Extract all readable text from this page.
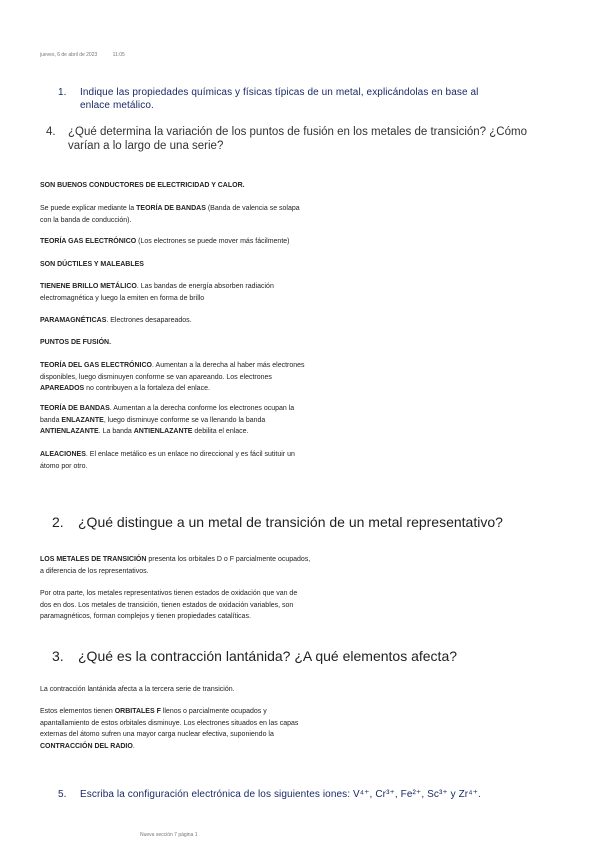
jueves, 6 de abril de 2023	11:05
1. Indique las propiedades químicas y físicas típicas de un metal, explicándolas en base al
enlace metálico.
4. ¿Qué determina la variación de los puntos de fusión en los metales de transición? ¿Cómo
varían a lo largo de una serie?
SON BUENOS CONDUCTORES DE ELECTRICIDAD Y CALOR.
Se puede explicar mediante la TEORÍA DE BANDAS (Banda de valencia se solapa
con la banda de conducción).
TEORÍA GAS ELECTRÓNICO (Los electrones se puede mover más fácilmente)
SON DÚCTILES Y MALEABLES
TIENENE BRILLO METÁLICO. Las bandas de energía absorben radiación
electromagnética y luego la emiten en forma de brillo
PARAMAGNÉTICAS. Electrones desapareados.
PUNTOS DE FUSIÓN.
TEORÍA DEL GAS ELECTRÓNICO. Aumentan a la derecha al haber más electrones
disponibles, luego disminuyen conforme se van apareando. Los electrones
APAREADOS no contribuyen a la fortaleza del enlace.
TEORÍA DE BANDAS. Aumentan a la derecha conforme los electrones ocupan la
banda ENLAZANTE, luego disminuye conforme se va llenando la banda
ANTIENLAZANTE. La banda ANTIENLAZANTE debilita el enlace.
ALEACIONES. El enlace metálico es un enlace no direccional y es fácil sutituir un
átomo por otro.
2. ¿Qué distingue a un metal de transición de un metal representativo?
LOS METALES DE TRANSICIÓN presenta los orbitales D o F parcialmente ocupados,
a diferencia de los representativos.
Por otra parte, los metales representativos tienen estados de oxidación que van de
dos en dos. Los metales de transición, tienen estados de oxidación variables, son
paramagnéticos, forman complejos y tienen propiedades catalíticas.
3. ¿Qué es la contracción lantánida? ¿A qué elementos afecta?
La contracción lantánida afecta a la tercera serie de transición.
Estos elementos tienen ORBITALES F llenos o parcialmente ocupados y
apantallamiento de estos orbitales disminuye. Los electrones situados en las capas
externas del átomo sufren una mayor carga nuclear efectiva, suponiendo la
CONTRACCIÓN DEL RADIO.
5. Escriba la configuración electrónica de los siguientes iones: V⁴⁺, Cr³⁺, Fe²⁺, Sc³⁺ y Zr⁴⁺.
Nueva sección 7 página 1
